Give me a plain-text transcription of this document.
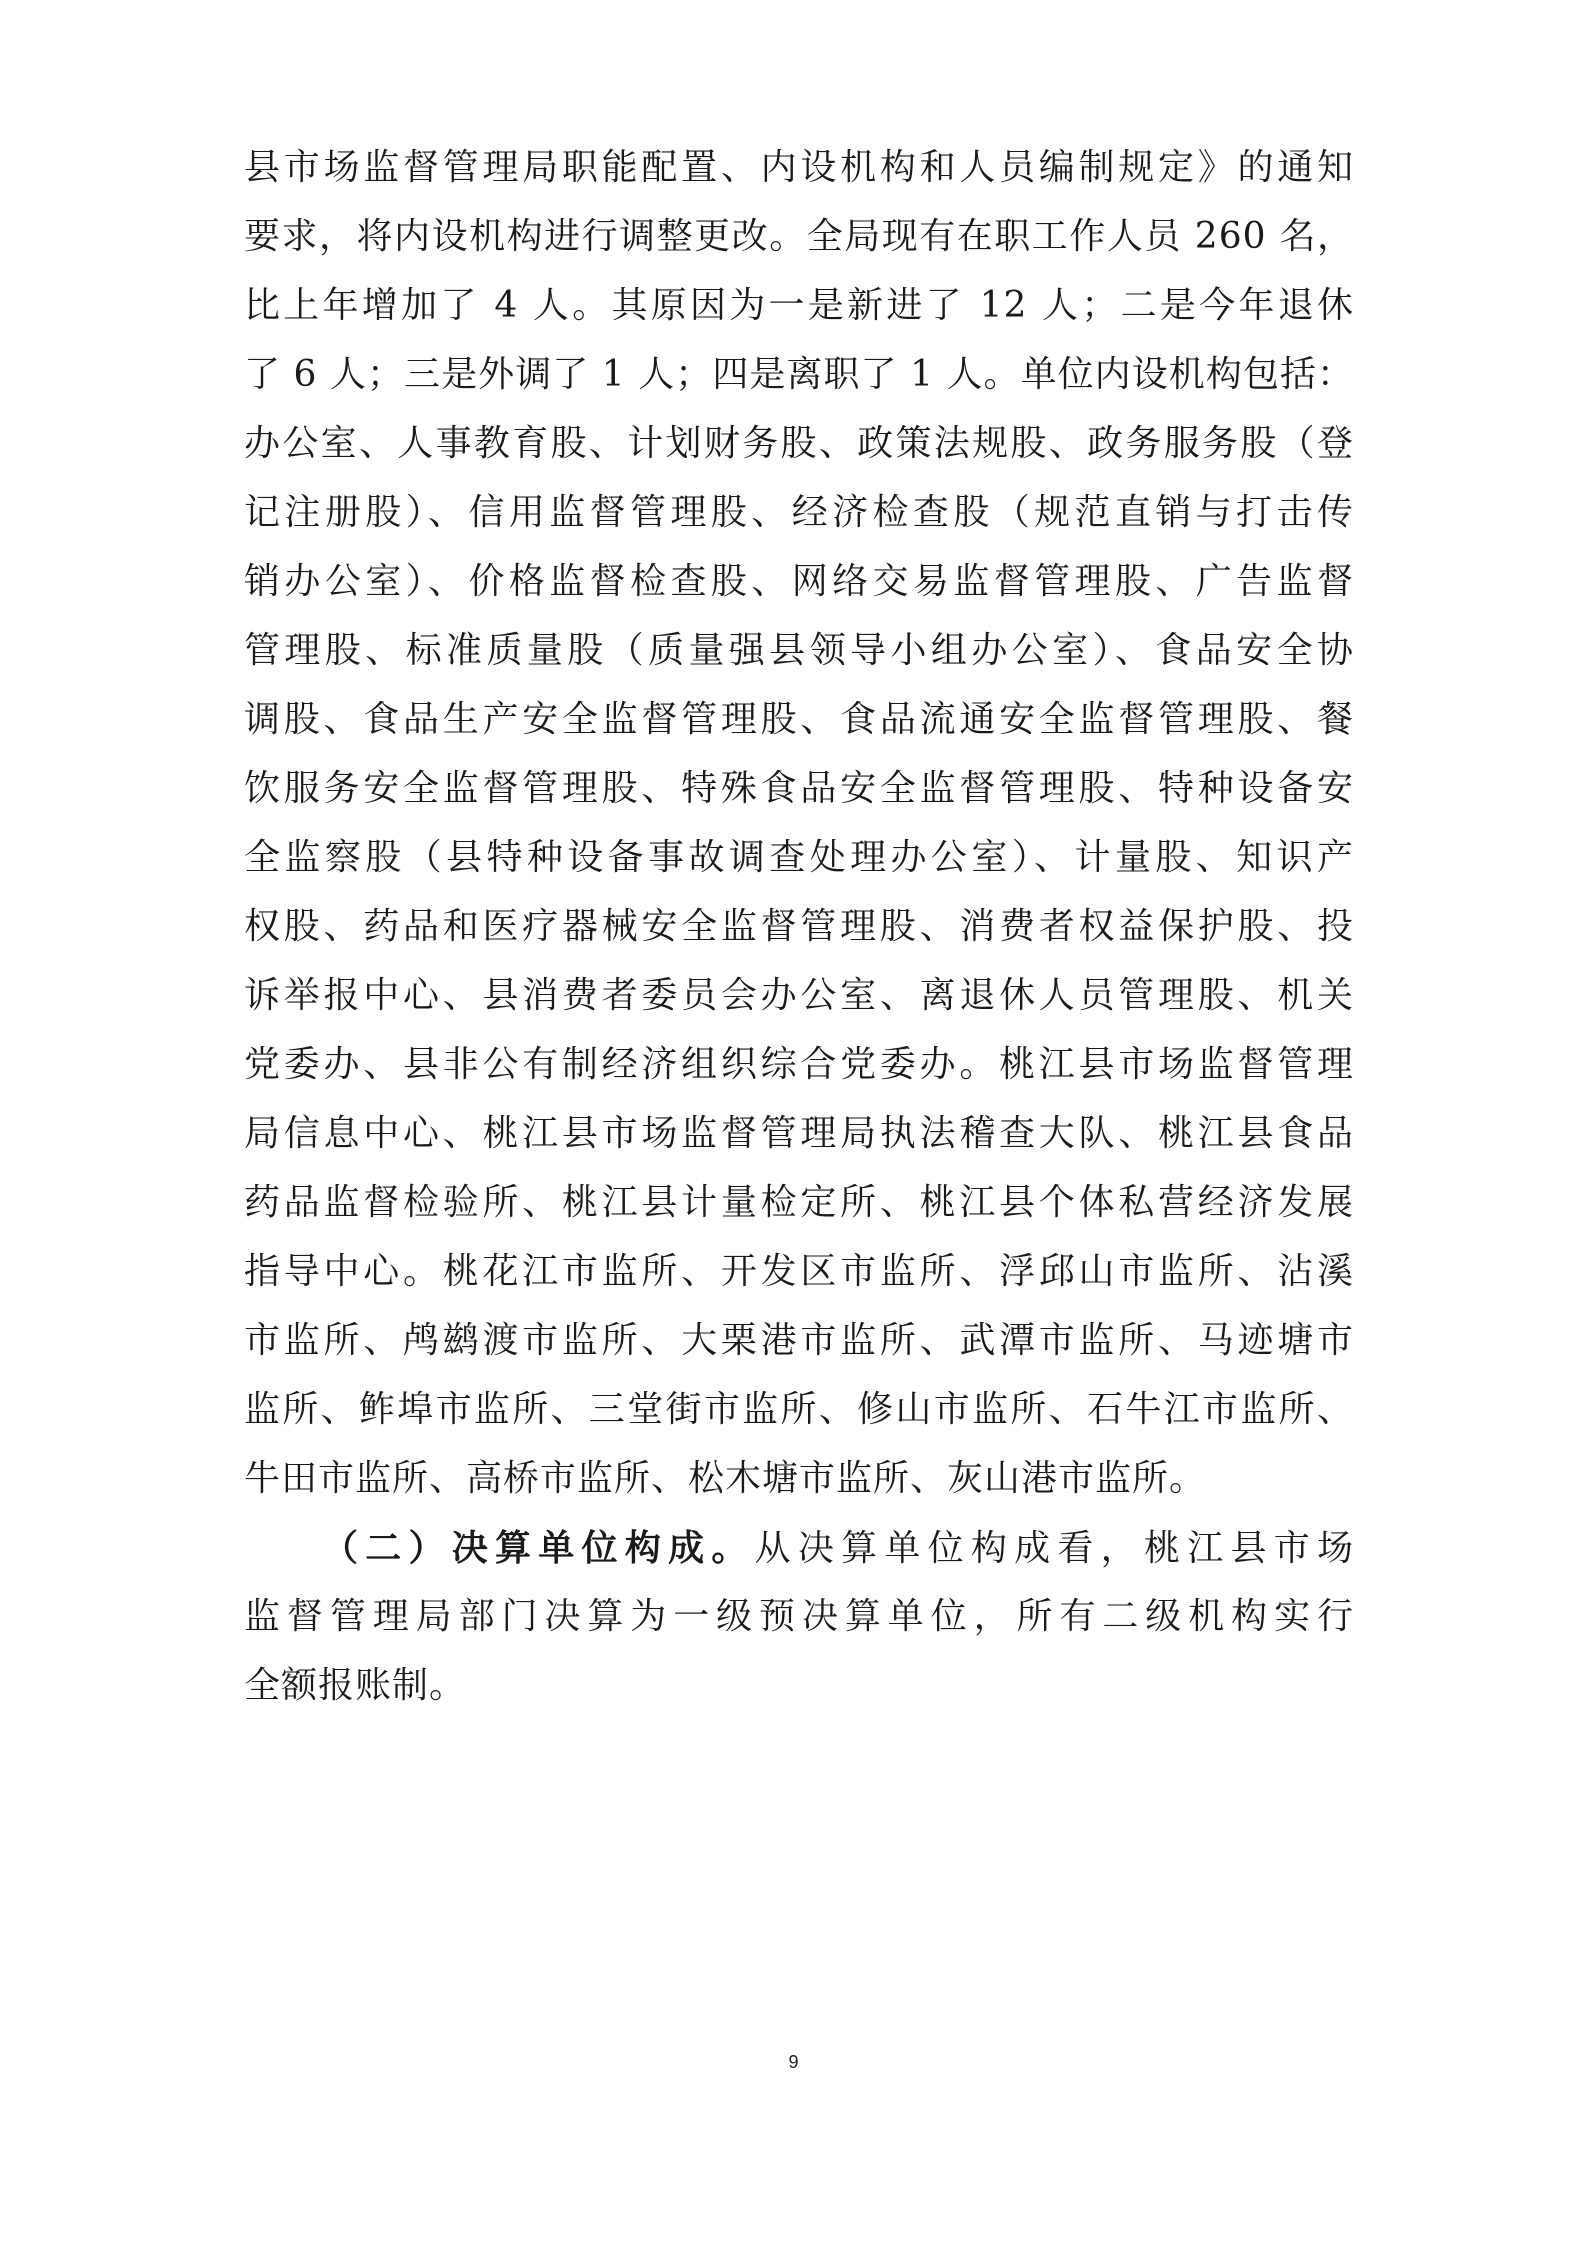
县市场监督管理局职能配置、内设机构和人员编制规定》的通知
要求，将内设机构进行调整更改。全局现有在职工作人员 260 名，
比上年增加了 4 人。其原因为一是新进了 12 人；二是今年退休
了 6 人；三是外调了 1 人；四是离职了 1 人。单位内设机构包括：
办公室、人事教育股、计划财务股、政策法规股、政务服务股（登
记注册股）、信用监督管理股、经济检查股（规范直销与打击传
销办公室）、价格监督检查股、网络交易监督管理股、广告监督
管理股、标准质量股（质量强县领导小组办公室）、食品安全协
调股、食品生产安全监督管理股、食品流通安全监督管理股、餐
饮服务安全监督管理股、特殊食品安全监督管理股、特种设备安
全监察股（县特种设备事故调查处理办公室）、计量股、知识产
权股、药品和医疗器械安全监督管理股、消费者权益保护股、投
诉举报中心、县消费者委员会办公室、离退休人员管理股、机关
党委办、县非公有制经济组织综合党委办。桃江县市场监督管理
局信息中心、桃江县市场监督管理局执法稽查大队、桃江县食品
药品监督检验所、桃江县计量检定所、桃江县个体私营经济发展
指导中心。桃花江市监所、开发区市监所、浮邱山市监所、沾溪
市监所、鸬鹚渡市监所、大栗港市监所、武潭市监所、马迹塘市
监所、鲊埠市监所、三堂街市监所、修山市监所、石牛江市监所、
牛田市监所、高桥市监所、松木塘市监所、灰山港市监所。
（二）决算单位构成。从决算单位构成看，桃江县市场
监督管理局部门决算为一级预决算单位，所有二级机构实行
全额报账制。
9
